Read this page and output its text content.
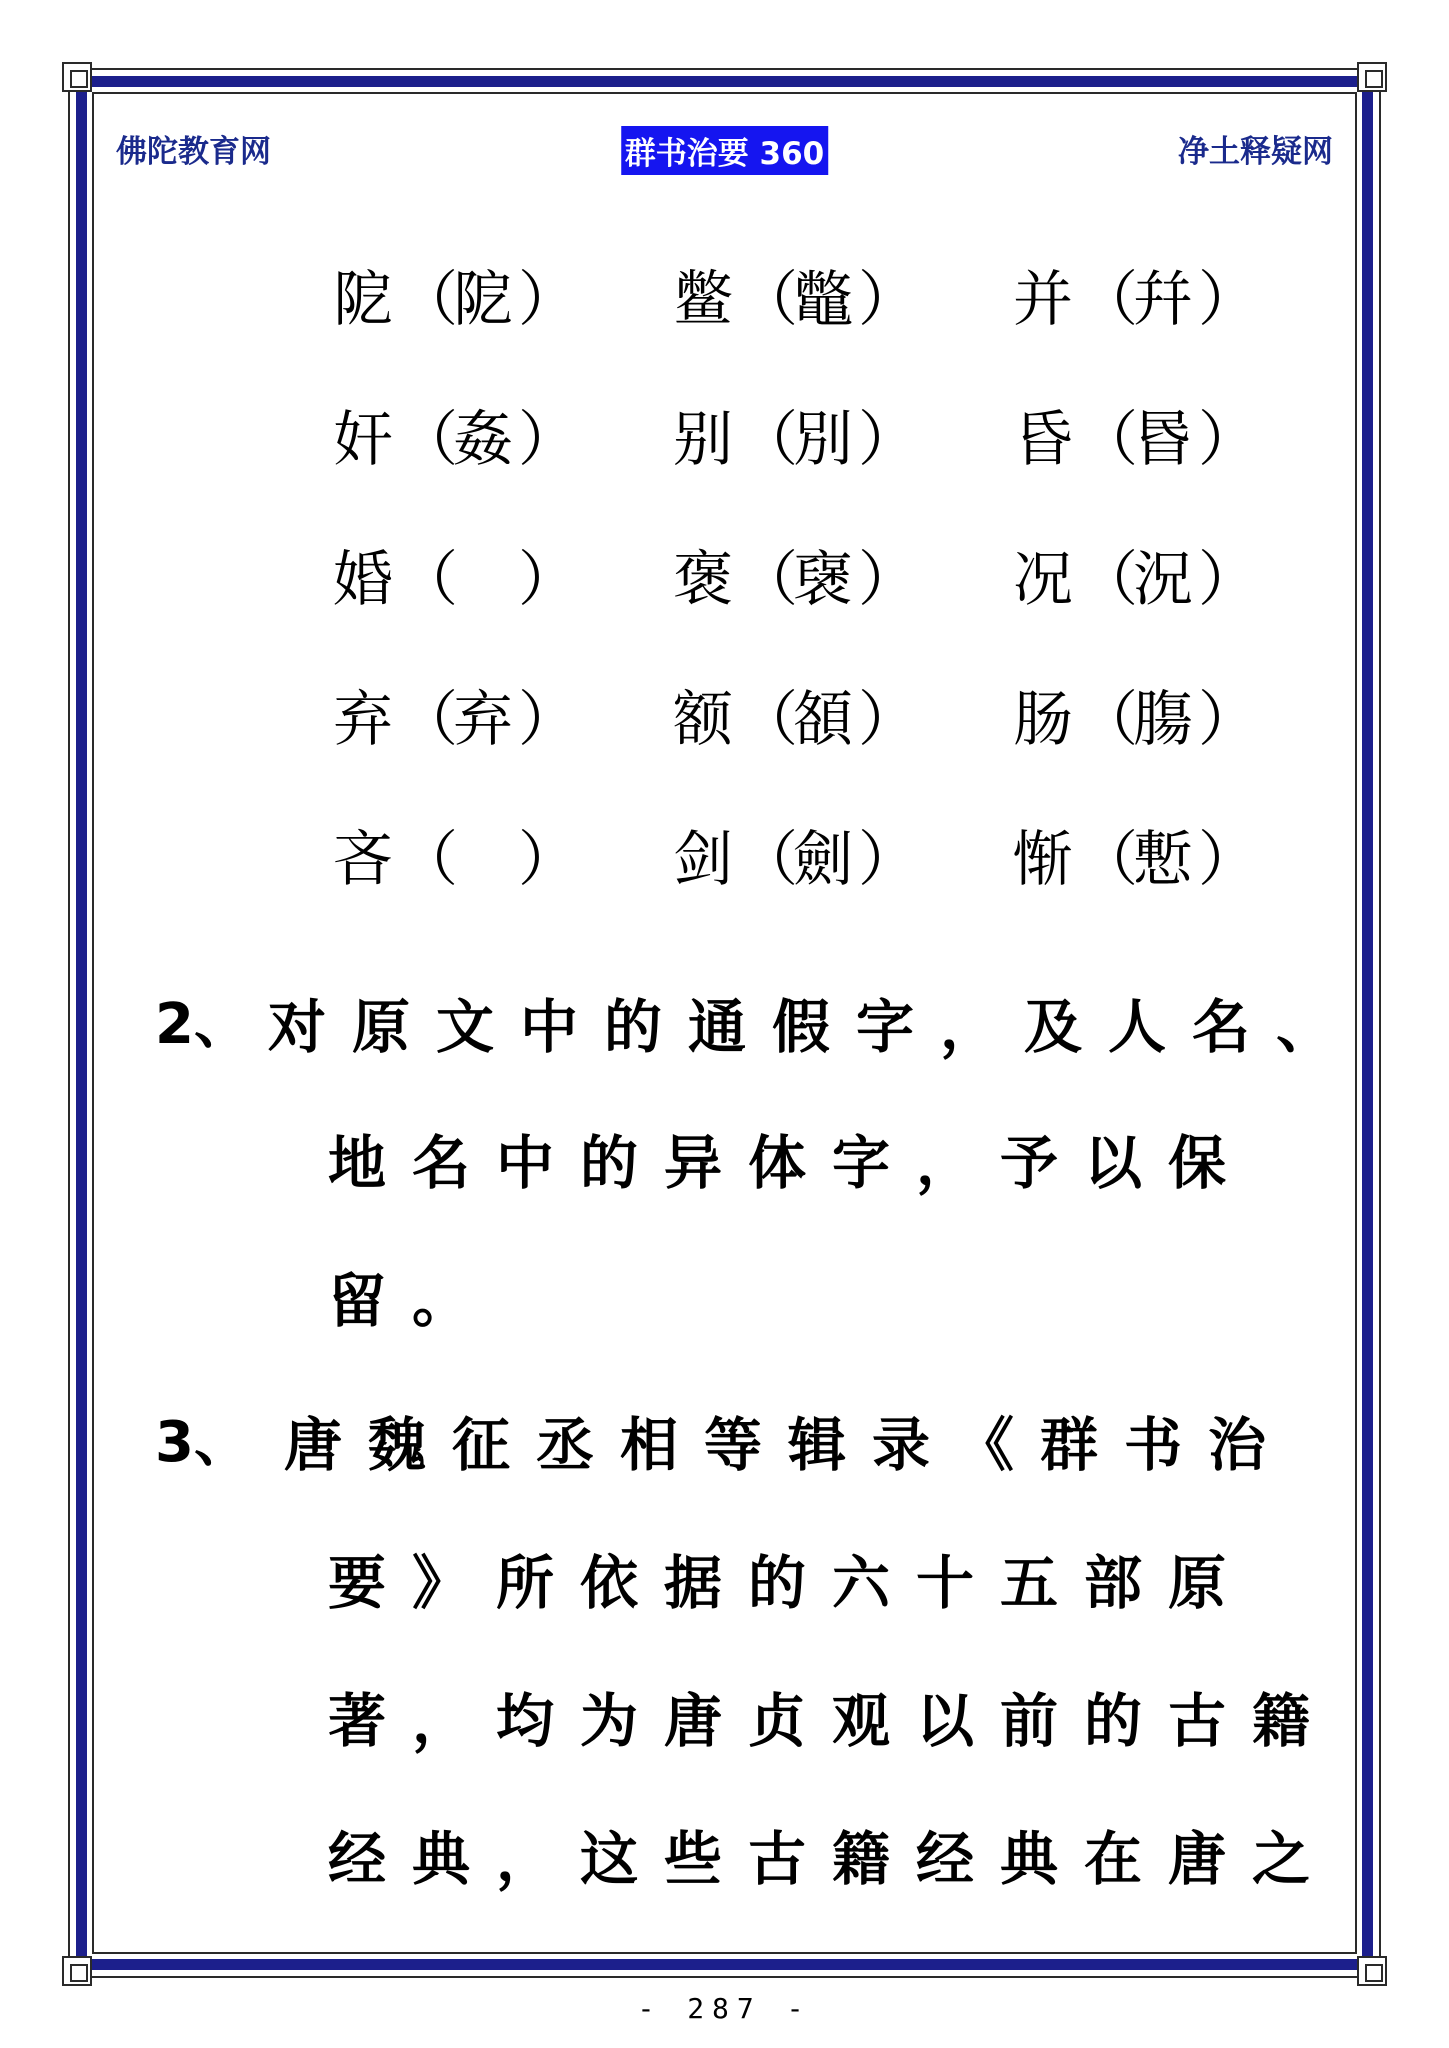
佛陀教育网	群书治要 360	净土释疑网
阸 （
阸 ） 鳖 （
鼈 ） 并 （
幷 ）
奸 （
姦 ） 别 （
別 ） 昏 （
昬 ）
婚 （ ） 褒 （
襃 ） 况 （
況 ）
弃 （
弃 ） 额 （
頟 ） 肠 （
膓 ）
吝 （ ） 剑 （
劍 ） 惭 （
慙 ）
2、 对原文中的通假字，及人名、
地名中的异体字，予以保
留。
3、 唐魏征丞相等辑录《群书治
要》所依据的六十五部原
著，均为唐贞观以前的古籍
经典，这些古籍经典在唐之
- 287 -
